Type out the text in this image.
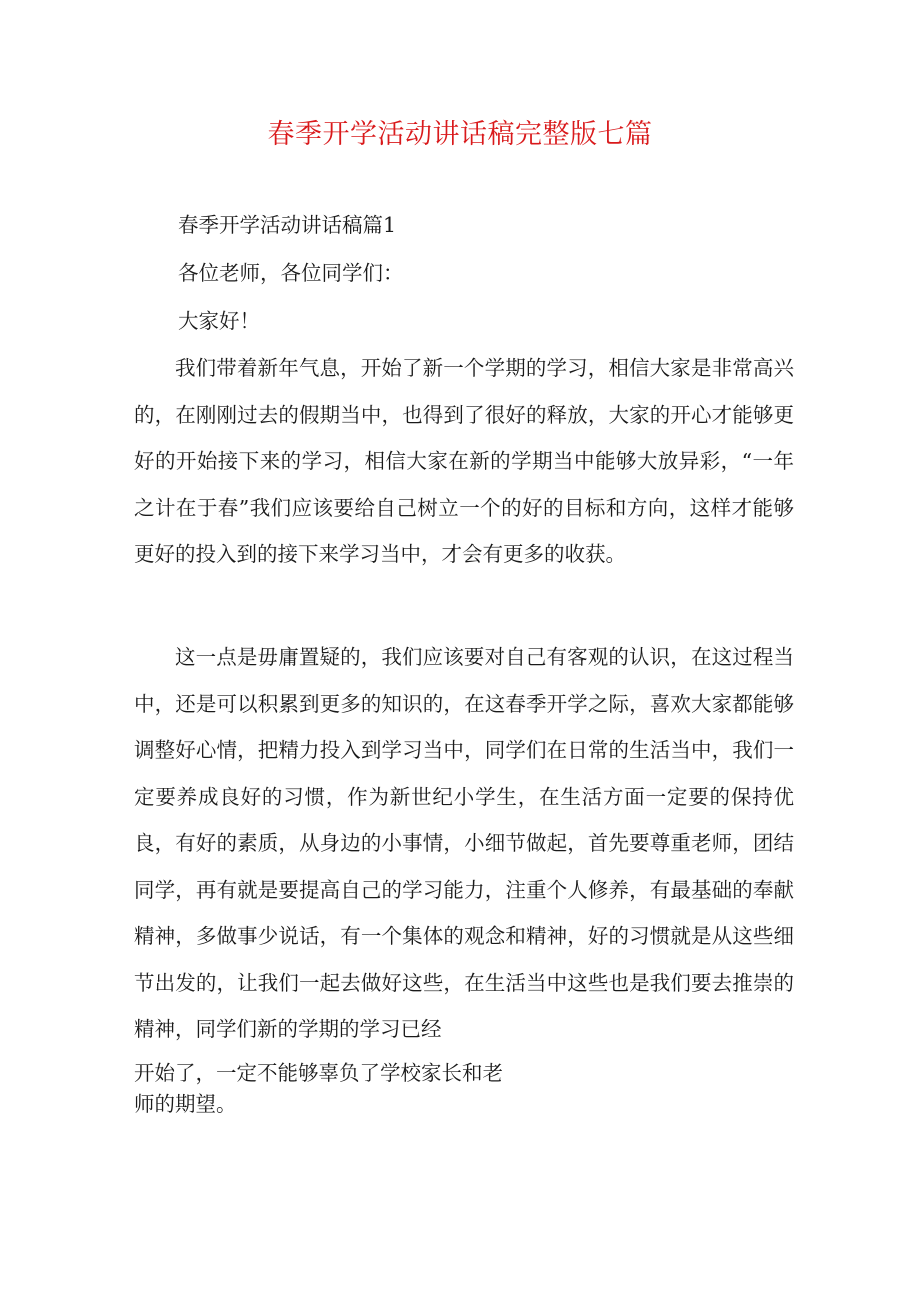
春季开学活动讲话稿完整版七篇
春季开学活动讲话稿篇1
各位老师，各位同学们：
大家好！

我们带着新年气息，开始了新一个学期的学习，相信大家是非常高兴的，在刚刚过去的假期当中，也得到了很好的释放，大家的开心才能够更好的开始接下来的学习，相信大家在新的学期当中能够大放异彩，“一年之计在于春”我们应该要给自己树立一个的好的目标和方向，这样才能够更好的投入到的接下来学习当中，才会有更多的收获。

这一点是毋庸置疑的，我们应该要对自己有客观的认识，在这过程当中，还是可以积累到更多的知识的，在这春季开学之际，喜欢大家都能够调整好心情，把精力投入到学习当中，同学们在日常的生活当中，我们一定要养成良好的习惯，作为新世纪小学生，在生活方面一定要的保持优良，有好的素质，从身边的小事情，小细节做起，首先要尊重老师，团结同学，再有就是要提高自己的学习能力，注重个人修养，有最基础的奉献精神，多做事少说话，有一个集体的观念和精神，好的习惯就是从这些细节出发的，让我们一起去做好这些，在生活当中这些也是我们要去推崇的精神，同学们新的学期的学习已经

开始了，一定不能够辜负了学校家长和老
师的期望。
